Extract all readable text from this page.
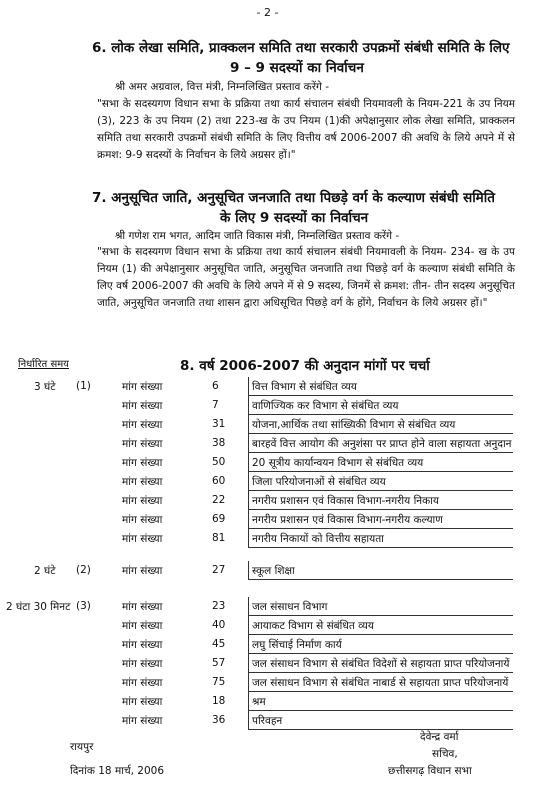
- 2 -
6. लोक लेखा समिति, प्राक्कलन समिति तथा सरकारी उपक्रमों संबंधी समिति के लिए
9 – 9 सदस्यों का निर्वाचन
श्री अमर अग्रवाल, वित्त मंत्री, निम्नलिखित प्रस्ताव करेंगे -
"सभा के सदस्यगण विधान सभा के प्रक्रिया तथा कार्य संचालन संबंधी नियमावली के नियम-221 के उप नियम (3), 223 के उप नियम (2) तथा 223-ख के उप नियम (1)की अपेक्षानुसार लोक लेखा समिति, प्राक्कलन समिति तथा सरकारी उपक्रमों संबंधी समिति के लिए वित्तीय वर्ष 2006-2007 की अवधि के लिये अपने में से क्रमश: 9-9 सदस्यों के निर्वाचन के लिये अग्रसर हों।"
7. अनुसूचित जाति, अनुसूचित जनजाति तथा पिछड़े वर्ग के कल्याण संबंधी समिति
के लिए 9 सदस्यों का निर्वाचन
श्री गणेश राम भगत, आदिम जाति विकास मंत्री, निम्नलिखित प्रस्ताव करेंगे -
"सभा के सदस्यगण विधान सभा के प्रक्रिया तथा कार्य संचालन संबंधी नियमावली के नियम- 234- ख के उप नियम (1) की अपेक्षानुसार अनुसूचित जाति, अनुसूचित जनजाति तथा पिछड़े वर्ग के कल्याण संबंधी समिति के लिए वर्ष 2006-2007 की अवधि के लिये अपने में से 9 सदस्य, जिनमें से क्रमश: तीन- तीन सदस्य अनुसूचित जाति, अनुसूचित जनजाति तथा शासन द्वारा अधिसूचित पिछड़े वर्ग के होंगे, निर्वाचन के लिये अग्रसर हों।"
निर्धारित समय	8. वर्ष 2006-2007 की अनुदान मांगों पर चर्चा
3 घंटे (1)	मांग संख्या	6	वित्त विभाग से संबंधित व्यय
मांग संख्या	7	वाणिज्यिक कर विभाग से संबंधित व्यय
मांग संख्या	31	योजना,आर्थिक तथा सांख्यिकी विभाग से संबंधित व्यय
मांग संख्या	38	बारहवें वित्त आयोग की अनुशंसा पर प्राप्त होने वाला सहायता अनुदान
मांग संख्या	50	20 सूत्रीय कार्यान्वयन विभाग से संबंधित व्यय
मांग संख्या	60	जिला परियोजनाओं से संबंधित व्यय
मांग संख्या	22	नगरीय प्रशासन एवं विकास विभाग-नगरीय निकाय
मांग संख्या	69	नगरीय प्रशासन एवं विकास विभाग-नगरीय कल्याण
मांग संख्या	81	नगरीय निकायों को वित्तीय सहायता
2 घंटे (2)	मांग संख्या	27	स्कूल शिक्षा
2 घंटा 30 मिनट (3)	मांग संख्या	23	जल संसाधन विभाग
मांग संख्या	40	आयाकट विभाग से संबंधित व्यय
मांग संख्या	45	लघु सिंचाई निर्माण कार्य
मांग संख्या	57	जल संसाधन विभाग से संबंधित विदेशों से सहायता प्राप्त परियोजनायें
मांग संख्या	75	जल संसाधन विभाग से संबंधित नाबार्ड से सहायता प्राप्त परियोजनायें
मांग संख्या	18	श्रम
मांग संख्या	36	परिवहन
रायपुर
दिनांक 18 मार्च, 2006
देवेन्द्र वर्मा
सचिव,
छत्तीसगढ़ विधान सभा
